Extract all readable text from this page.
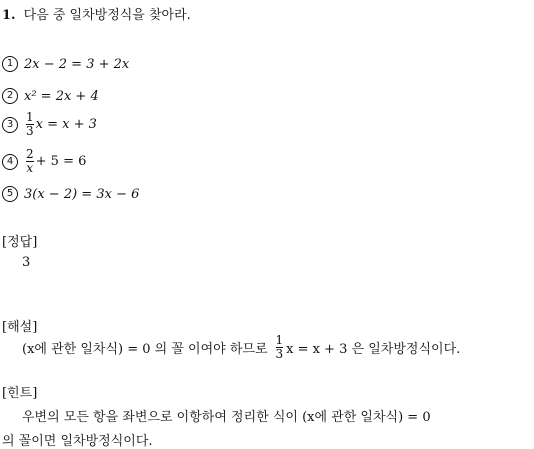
1. 다음 중 일차방정식을 찾아라.
1 2x − 2 = 3 + 2x
2 x² = 2x + 4
3	$\frac{1}{3}$ x = x + 3
4	$\frac{2}{x} + 5 = 6$
5 3(x − 2) = 3x − 6
[정답]
3
[해설]
(x에 관한 일차식) = 0 의 꼴 이여야 하므로 $\frac{1}{3}$ x = x + 3 은 일차방정식이다.
[힌트]
우변의 모든 항을 좌변으로 이항하여 정리한 식이 (x에 관한 일차식) = 0
의 꼴이면 일차방정식이다.
